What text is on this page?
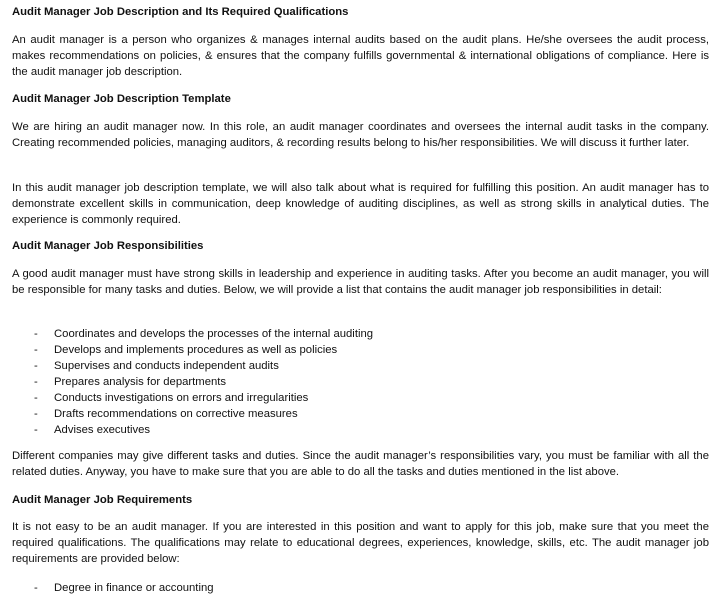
Audit Manager Job Description and Its Required Qualifications

An audit manager is a person who organizes & manages internal audits based on the audit plans. He/she oversees the audit process, makes recommendations on policies, & ensures that the company fulfills governmental & international obligations of compliance. Here is the audit manager job description.

Audit Manager Job Description Template

We are hiring an audit manager now. In this role, an audit manager coordinates and oversees the internal audit tasks in the company. Creating recommended policies, managing auditors, & recording results belong to his/her responsibilities. We will discuss it further later.

In this audit manager job description template, we will also talk about what is required for fulfilling this position. An audit manager has to demonstrate excellent skills in communication, deep knowledge of auditing disciplines, as well as strong skills in analytical duties. The experience is commonly required.

Audit Manager Job Responsibilities

A good audit manager must have strong skills in leadership and experience in auditing tasks. After you become an audit manager, you will be responsible for many tasks and duties. Below, we will provide a list that contains the audit manager job responsibilities in detail:

- Coordinates and develops the processes of the internal auditing
- Develops and implements procedures as well as policies
- Supervises and conducts independent audits
- Prepares analysis for departments
- Conducts investigations on errors and irregularities
- Drafts recommendations on corrective measures
- Advises executives

Different companies may give different tasks and duties. Since the audit manager’s responsibilities vary, you must be familiar with all the related duties. Anyway, you have to make sure that you are able to do all the tasks and duties mentioned in the list above.

Audit Manager Job Requirements

It is not easy to be an audit manager. If you are interested in this position and want to apply for this job, make sure that you meet the required qualifications. The qualifications may relate to educational degrees, experiences, knowledge, skills, etc. The audit manager job requirements are provided below:

- Degree in finance or accounting
